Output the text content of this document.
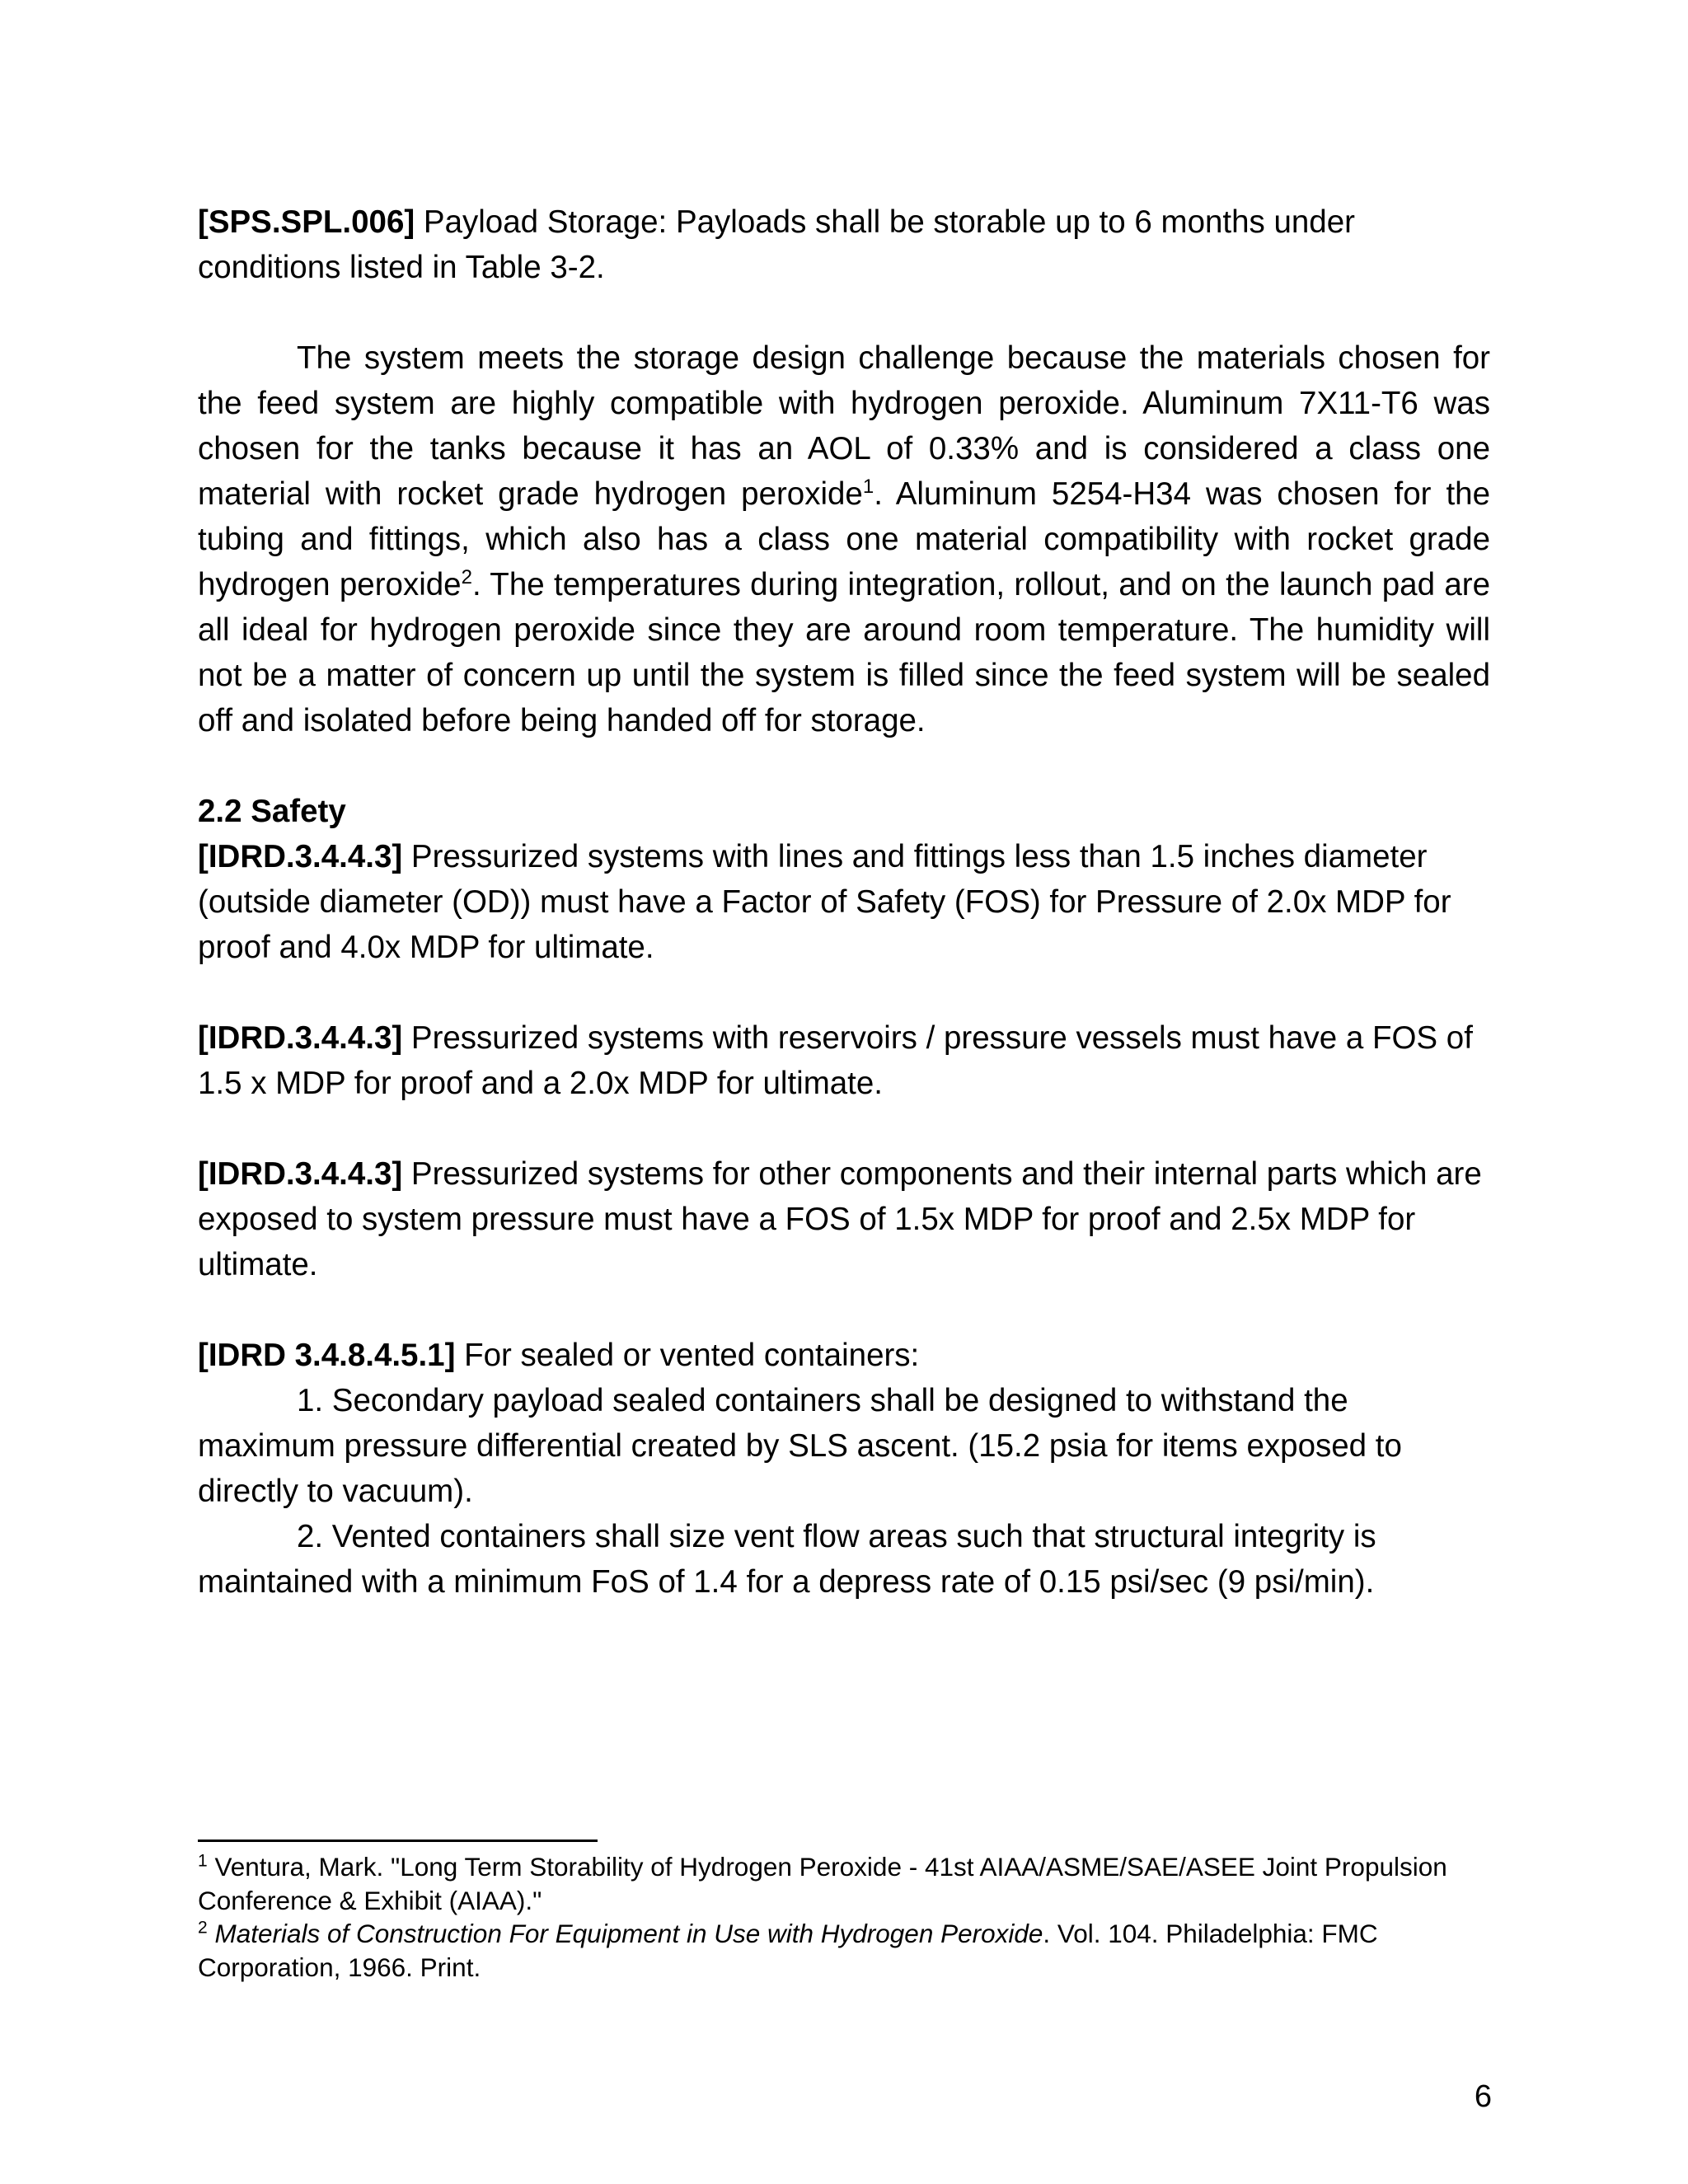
[SPS.SPL.006] Payload Storage: Payloads shall be storable up to 6 months under conditions listed in Table 3-2.

The system meets the storage design challenge because the materials chosen for the feed system are highly compatible with hydrogen peroxide. Aluminum 7X11-T6 was chosen for the tanks because it has an AOL of 0.33% and is considered a class one material with rocket grade hydrogen peroxide$^1$. Aluminum 5254-H34 was chosen for the tubing and fittings, which also has a class one material compatibility with rocket grade hydrogen peroxide$^2$. The temperatures during integration, rollout, and on the launch pad are all ideal for hydrogen peroxide since they are around room temperature. The humidity will not be a matter of concern up until the system is filled since the feed system will be sealed off and isolated before being handed off for storage.

2.2 Safety

[IDRD.3.4.4.3] Pressurized systems with lines and fittings less than 1.5 inches diameter (outside diameter (OD)) must have a Factor of Safety (FOS) for Pressure of 2.0x MDP for proof and 4.0x MDP for ultimate.

[IDRD.3.4.4.3] Pressurized systems with reservoirs / pressure vessels must have a FOS of 1.5 x MDP for proof and a 2.0x MDP for ultimate.

[IDRD.3.4.4.3] Pressurized systems for other components and their internal parts which are exposed to system pressure must have a FOS of 1.5x MDP for proof and 2.5x MDP for ultimate.

[IDRD 3.4.8.4.5.1] For sealed or vented containers:

1. Secondary payload sealed containers shall be designed to withstand the maximum pressure differential created by SLS ascent. (15.2 psia for items exposed to directly to vacuum).

2. Vented containers shall size vent flow areas such that structural integrity is maintained with a minimum FoS of 1.4 for a depress rate of 0.15 psi/sec (9 psi/min).

$^1$ Ventura, Mark. "Long Term Storability of Hydrogen Peroxide - 41st AIAA/ASME/SAE/ASEE Joint Propulsion Conference & Exhibit (AIAA)."

$^2$ Materials of Construction For Equipment in Use with Hydrogen Peroxide. Vol. 104. Philadelphia: FMC Corporation, 1966. Print.

6
